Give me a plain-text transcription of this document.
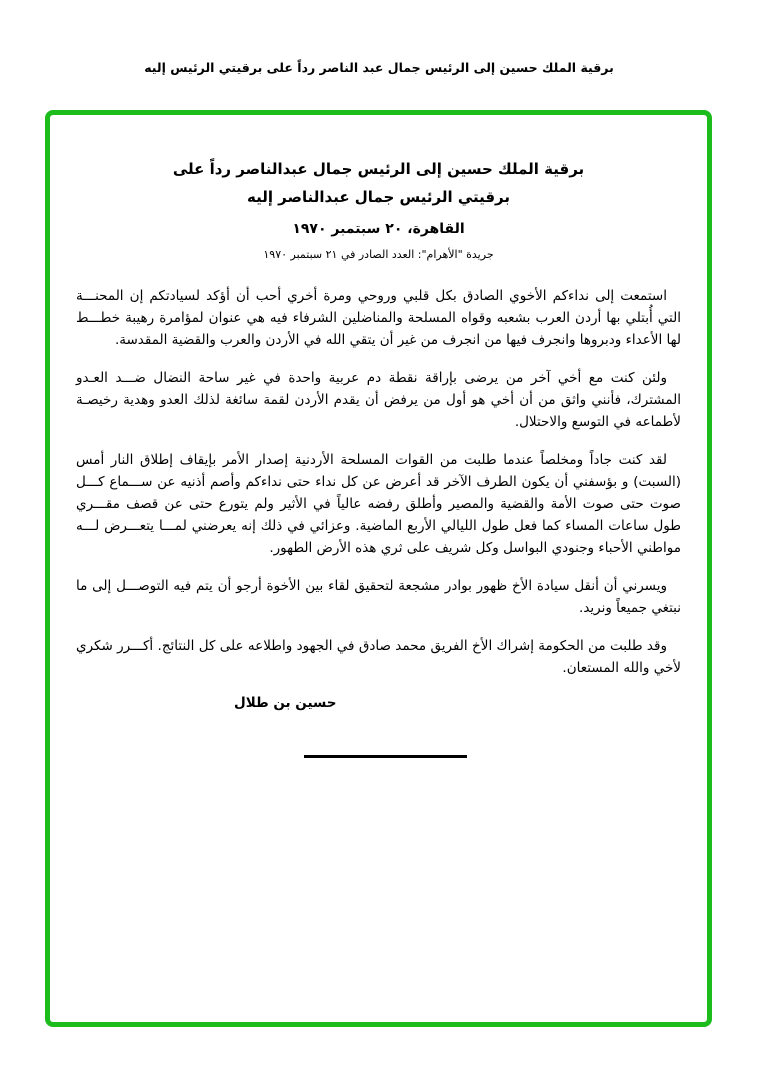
برقية الملك حسين إلى الرئيس جمال عبد الناصر رداً على برقيتي الرئيس إليه
برقية الملك حسين إلى الرئيس جمال عبدالناصر رداً على
برقيتي الرئيس جمال عبدالناصر إليه
القاهرة، ٢٠ سبتمبر ١٩٧٠
جريدة "الأهرام": العدد الصادر في ٢١ سبتمبر ١٩٧٠

استمعت إلى نداءكم الأخوي الصادق بكل قلبي وروحي ومرة أخري أحب أن أؤكد لسيادتكم إن المحنـــة التي أُبتلي بها أردن العرب بشعبه وقواه المسلحة والمناضلين الشرفاء فيه هي عنوان لمؤامرة رهيبة خطـــط لها الأعداء ودبروها وانجرف فيها من انجرف من غير أن يتقي الله في الأردن والعرب والقضية المقدسة.

ولئن كنت مع أخي آخر من يرضى بإراقة نقطة دم عربية واحدة في غير ساحة النضال ضـــد العـدو المشترك، فأنني واثق من أن أخي هو أول من يرفض أن يقدم الأردن لقمة سائغة لذلك العدو وهدية رخيصـة لأطماعه في التوسع والاحتلال.

لقد كنت جاداً ومخلصاً عندما طلبت من القوات المسلحة الأردنية إصدار الأمر بإيقاف إطلاق النار أمس (السبت) و بؤسفني أن يكون الطرف الآخر قد أعرض عن كل نداء حتى نداءكم وأصم أذنيه عن ســـماع كـــل صوت حتى صوت الأمة والقضية والمصير وأطلق رفضه عالياً في الأثير ولم يتورع حتى عن قصف مقـــري طول ساعات المساء كما فعل طول الليالي الأربع الماضية. وعزائي في ذلك إنه يعرضني لمـــا يتعـــرض لـــه مواطني الأحباء وجنودي البواسل وكل شريف على ثري هذه الأرض الطهور.

ويسرني أن أنقل سيادة الأخ ظهور بوادر مشجعة لتحقيق لقاء بين الأخوة أرجو أن يتم فيه التوصـــل إلى ما نبتغي جميعاً ونريد.

وقد طلبت من الحكومة إشراك الأخ الفريق محمد صادق في الجهود واطلاعه على كل النتائج. أكـــرر شكري لأخي والله المستعان.

حسين بن طلال
